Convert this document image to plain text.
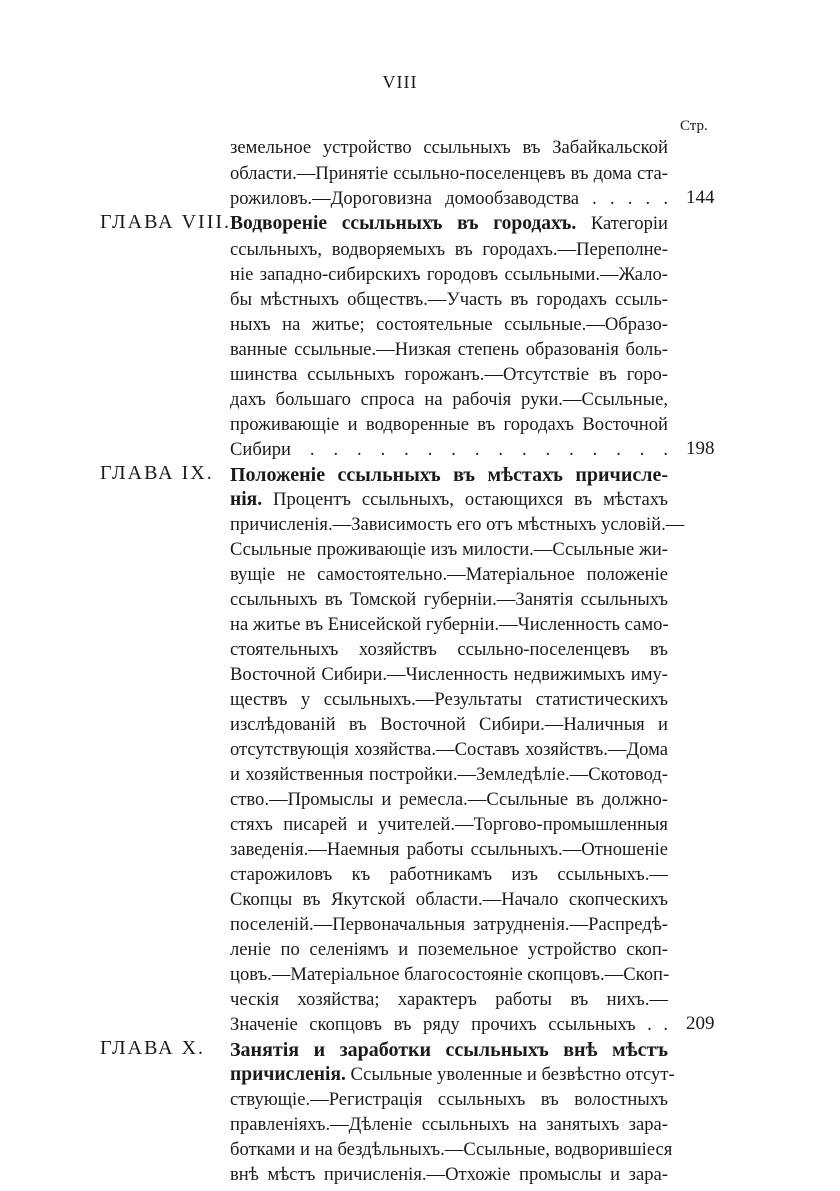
VIII
Стр.
земельное устройство ссыльныхъ въ Забайкальской
области.—Принятіе ссыльно-поселенцевъ въ дома ста-
рожиловъ.—Дороговизна домообзаводства . . . . . 144
ГЛАВА VIII.
Водвореніе ссыльныхъ въ городахъ. Категоріи
ссыльныхъ, водворяемыхъ въ городахъ.—Переполне-
ніе западно-сибирскихъ городовъ ссыльными.—Жало-
бы мѣстныхъ обществъ.—Участь въ городахъ ссыль-
ныхъ на житье; состоятельные ссыльные.—Образо-
ванные ссыльные.—Низкая степень образованія боль-
шинства ссыльныхъ горожанъ.—Отсутствіе въ горо-
дахъ большаго спроса на рабочія руки.—Ссыльные,
проживающіе и водворенные въ городахъ Восточной
Сибири . . . . . . . . . . . . . . . . 198
ГЛАВА IX. Положеніе ссыльныхъ въ мѣстахъ причисле-
нія. Процентъ ссыльныхъ, остающихся въ мѣстахъ
причисленія.—Зависимость его отъ мѣстныхъ условій.—
Ссыльные проживающіе изъ милости.—Ссыльные жи-
вущіе не самостоятельно.—Матеріальное положеніе
ссыльныхъ въ Томской губерніи.—Занятія ссыльныхъ
на житье въ Енисейской губерніи.—Численность само-
стоятельныхъ хозяйствъ ссыльно-поселенцевъ въ
Восточной Сибири.—Численность недвижимыхъ иму-
ществъ у ссыльныхъ.—Результаты статистическихъ
изслѣдованій въ Восточной Сибири.—Наличныя и
отсутствующія хозяйства.—Составъ хозяйствъ.—Дома
и хозяйственныя постройки.—Земледѣліе.—Скотовод-
ство.—Промыслы и ремесла.—Ссыльные въ должно-
стяхъ писарей и учителей.—Торгово-промышленныя
заведенія.—Наемныя работы ссыльныхъ.—Отношеніе
старожиловъ къ работникамъ изъ ссыльныхъ.—
Скопцы въ Якутской области.—Начало скопческихъ
поселеній.—Первоначальныя затрудненія.—Распредѣ-
леніе по селеніямъ и поземельное устройство скоп-
цовъ.—Матеріальное благосостояніе скопцовъ.—Скоп-
ческія хозяйства; характеръ работы въ нихъ.—
Значеніе скопцовъ въ ряду прочихъ ссыльныхъ . . 209
ГЛАВА X. Занятія и заработки ссыльныхъ внѣ мѣстъ
причисленія. Ссыльные уволенные и безвѣстно отсут-
ствующіе.—Регистрація ссыльныхъ въ волостныхъ
правленіяхъ.—Дѣленіе ссыльныхъ на занятыхъ зара-
ботками и на бездѣльныхъ.—Ссыльные, водворившіеся
внѣ мѣстъ причисленія.—Отхожіе промыслы и зара-
